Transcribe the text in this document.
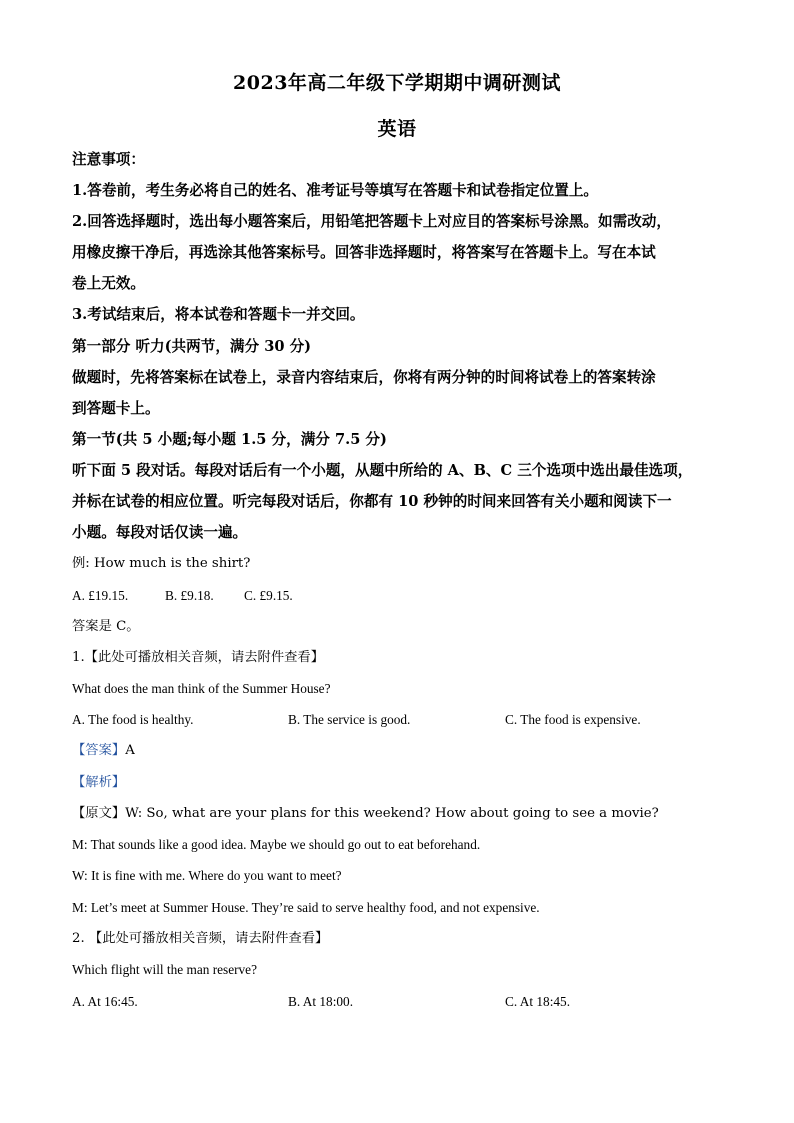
2023年高二年级下学期期中调研测试
英语
注意事项：
1.答卷前，考生务必将自己的姓名、准考证号等填写在答题卡和试卷指定位置上。
2.回答选择题时，选出每小题答案后，用铅笔把答题卡上对应目的答案标号涂黑。如需改动，
用橡皮擦干净后，再选涂其他答案标号。回答非选择题时，将答案写在答题卡上。写在本试
卷上无效。
3.考试结束后，将本试卷和答题卡一并交回。
第一部分 听力(共两节，满分 30 分)
做题时，先将答案标在试卷上，录音内容结束后，你将有两分钟的时间将试卷上的答案转涂
到答题卡上。
第一节(共 5 小题;每小题 1.5 分，满分 7.5 分)
听下面 5 段对话。每段对话后有一个小题，从题中所给的 A、B、C 三个选项中选出最佳选项，
并标在试卷的相应位置。听完每段对话后，你都有 10 秒钟的时间来回答有关小题和阅读下一
小题。每段对话仅读一遍。
例: How much is the shirt?
A. £19.15.	B. £9.18. C. £9.15.
答案是 C。
1.【此处可播放相关音频，请去附件查看】
What does the man think of the Summer House?
A. The food is healthy.	B. The service is good.	C. The food is expensive.
【答案】A
【解析】
【原文】W: So, what are your plans for this weekend? How about going to see a movie?
M: That sounds like a good idea. Maybe we should go out to eat beforehand.
W: It is fine with me. Where do you want to meet?
M: Let’s meet at Summer House. They’re said to serve healthy food, and not expensive.
2. 【此处可播放相关音频，请去附件查看】
Which flight will the man reserve?
A. At 16:45.	B. At 18:00.	C. At 18:45.
